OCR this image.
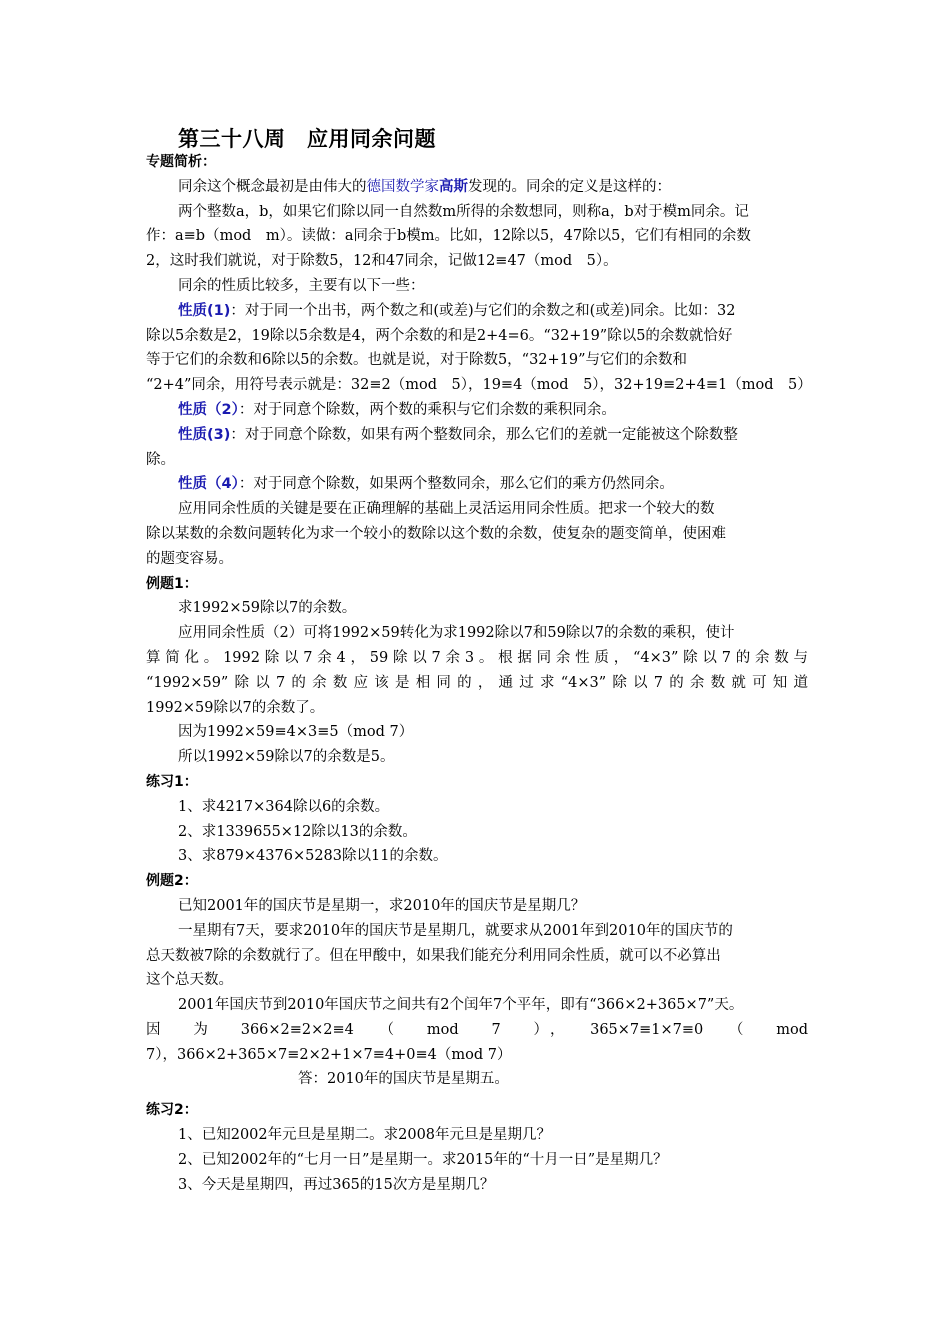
第三十八周　应用同余问题

专题简析：

同余这个概念最初是由伟大的德国数学家高斯发现的。同余的定义是这样的：

两个整数a，b，如果它们除以同一自然数m所得的余数想同，则称a，b对于模m同余。记

作：a≡b（mod　m）。读做：a同余于b模m。比如，12除以5，47除以5，它们有相同的余数

2，这时我们就说，对于除数5，12和47同余，记做12≡47（mod　5）。

同余的性质比较多，主要有以下一些：

性质(1)：对于同一个出书，两个数之和(或差)与它们的余数之和(或差)同余。比如：32

除以5余数是2，19除以5余数是4，两个余数的和是2+4=6。“32+19”除以5的余数就恰好

等于它们的余数和6除以5的余数。也就是说，对于除数5，“32+19”与它们的余数和

“2+4”同余，用符号表示就是：32≡2（mod　5），19≡4（mod　5），32+19≡2+4≡1（mod　5）

性质（2）：对于同意个除数，两个数的乘积与它们余数的乘积同余。

性质(3)：对于同意个除数，如果有两个整数同余，那么它们的差就一定能被这个除数整

除。

性质（4）：对于同意个除数，如果两个整数同余，那么它们的乘方仍然同余。

应用同余性质的关键是要在正确理解的基础上灵活运用同余性质。把求一个较大的数

除以某数的余数问题转化为求一个较小的数除以这个数的余数，使复杂的题变简单，使困难

的题变容易。

例题1：

求1992×59除以7的余数。

应用同余性质（2）可将1992×59转化为求1992除以7和59除以7的余数的乘积，使计

算简化。1992除以7余4，59除以7余3。根据同余性质，“4×3”除以7的余数与

“1992×59”除以7的余数应该是相同的，通过求“4×3”除以7的余数就可知道

1992×59除以7的余数了。

因为1992×59≡4×3≡5（mod 7）

所以1992×59除以7的余数是5。

练习1：

1、求4217×364除以6的余数。

2、求1339655×12除以13的余数。

3、求879×4376×5283除以11的余数。

例题2：

已知2001年的国庆节是星期一，求2010年的国庆节是星期几？

一星期有7天，要求2010年的国庆节是星期几，就要求从2001年到2010年的国庆节的

总天数被7除的余数就行了。但在甲酸中，如果我们能充分利用同余性质，就可以不必算出

这个总天数。

2001年国庆节到2010年国庆节之间共有2个闰年7个平年，即有“366×2+365×7”天。

因　为　366×2≡2×2≡4　（　mod　7　），　365×7≡1×7≡0　（　mod

7），366×2+365×7≡2×2+1×7≡4+0≡4（mod 7）

答：2010年的国庆节是星期五。

练习2：

1、已知2002年元旦是星期二。求2008年元旦是星期几？

2、已知2002年的“七月一日”是星期一。求2015年的“十月一日”是星期几？

3、今天是星期四，再过365的15次方是星期几？
